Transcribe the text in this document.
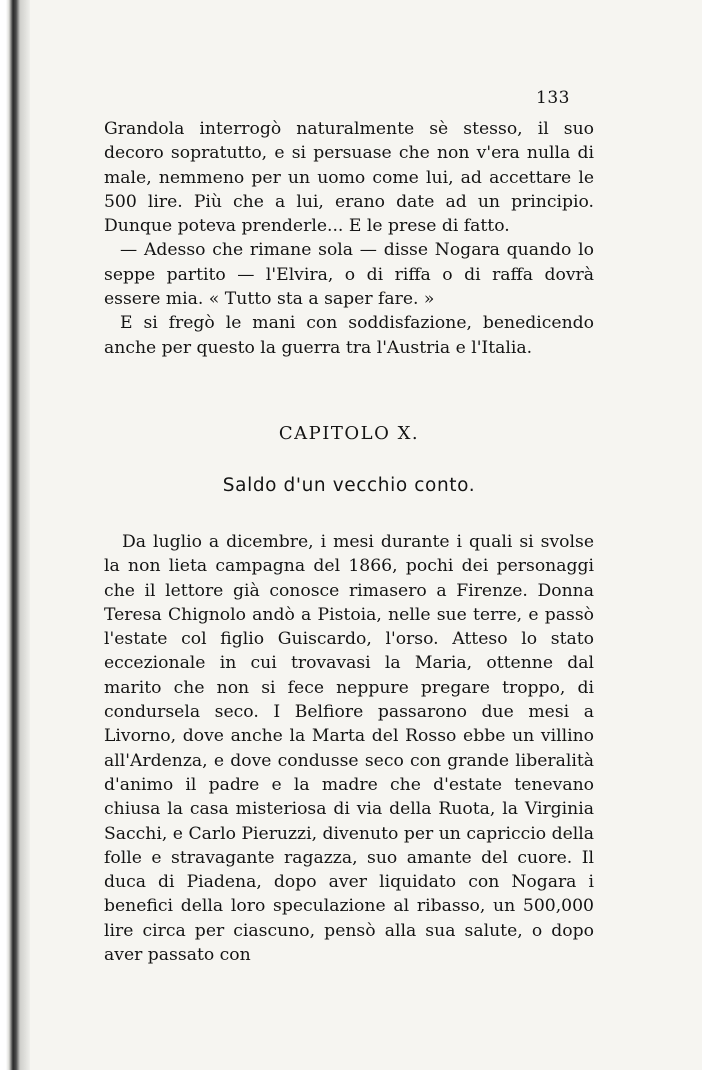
133

Grandola interrogò naturalmente sè stesso, il suo decoro sopratutto, e si persuase che non v'era nulla di male, nemmeno per un uomo come lui, ad accettare le 500 lire. Più che a lui, erano date ad un principio. Dunque poteva prenderle... E le prese di fatto.

— Adesso che rimane sola — disse Nogara quando lo seppe partito — l'Elvira, o di riffa o di raffa dovrà essere mia. « Tutto sta a saper fare. »

E si fregò le mani con soddisfazione, benedicendo anche per questo la guerra tra l'Austria e l'Italia.

CAPITOLO X.
Saldo d'un vecchio conto.

Da luglio a dicembre, i mesi durante i quali si svolse la non lieta campagna del 1866, pochi dei personaggi che il lettore già conosce rimasero a Firenze. Donna Teresa Chignolo andò a Pistoia, nelle sue terre, e passò l'estate col figlio Guiscardo, l'orso. Atteso lo stato eccezionale in cui trovavasi la Maria, ottenne dal marito che non si fece neppure pregare troppo, di condursela seco. I Belfiore passarono due mesi a Livorno, dove anche la Marta del Rosso ebbe un villino all'Ardenza, e dove condusse seco con grande liberalità d'animo il padre e la madre che d'estate tenevano chiusa la casa misteriosa di via della Ruota, la Virginia Sacchi, e Carlo Pieruzzi, divenuto per un capriccio della folle e stravagante ragazza, suo amante del cuore. Il duca di Piadena, dopo aver liquidato con Nogara i benefici della loro speculazione al ribasso, un 500,000 lire circa per ciascuno, pensò alla sua salute, o dopo aver passato con
